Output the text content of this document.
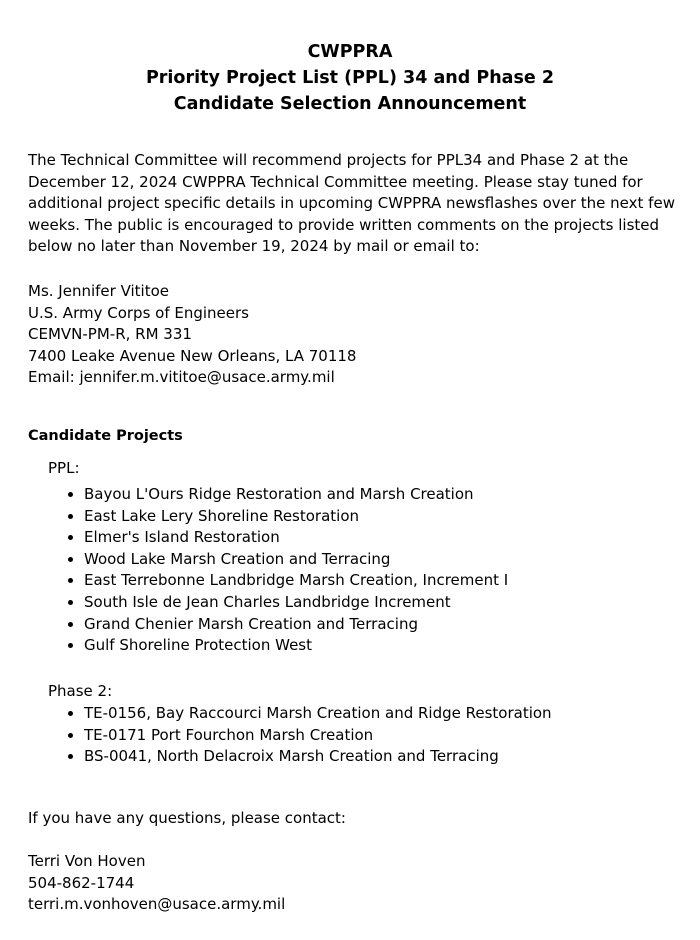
CWPPRA
Priority Project List (PPL) 34 and Phase 2
Candidate Selection Announcement
The Technical Committee will recommend projects for PPL34 and Phase 2 at the December 12, 2024 CWPPRA Technical Committee meeting. Please stay tuned for additional project specific details in upcoming CWPPRA newsflashes over the next few weeks. The public is encouraged to provide written comments on the projects listed below no later than November 19, 2024 by mail or email to:
Ms. Jennifer Vititoe
U.S. Army Corps of Engineers
CEMVN-PM-R, RM 331
7400 Leake Avenue New Orleans, LA 70118
Email: jennifer.m.vititoe@usace.army.mil
Candidate Projects
PPL:
• Bayou L'Ours Ridge Restoration and Marsh Creation
• East Lake Lery Shoreline Restoration
• Elmer's Island Restoration
• Wood Lake Marsh Creation and Terracing
• East Terrebonne Landbridge Marsh Creation, Increment I
• South Isle de Jean Charles Landbridge Increment
• Grand Chenier Marsh Creation and Terracing
• Gulf Shoreline Protection West
Phase 2:
• TE-0156, Bay Raccourci Marsh Creation and Ridge Restoration
• TE-0171 Port Fourchon Marsh Creation
• BS-0041, North Delacroix Marsh Creation and Terracing
If you have any questions, please contact:
Terri Von Hoven
504-862-1744
terri.m.vonhoven@usace.army.mil
